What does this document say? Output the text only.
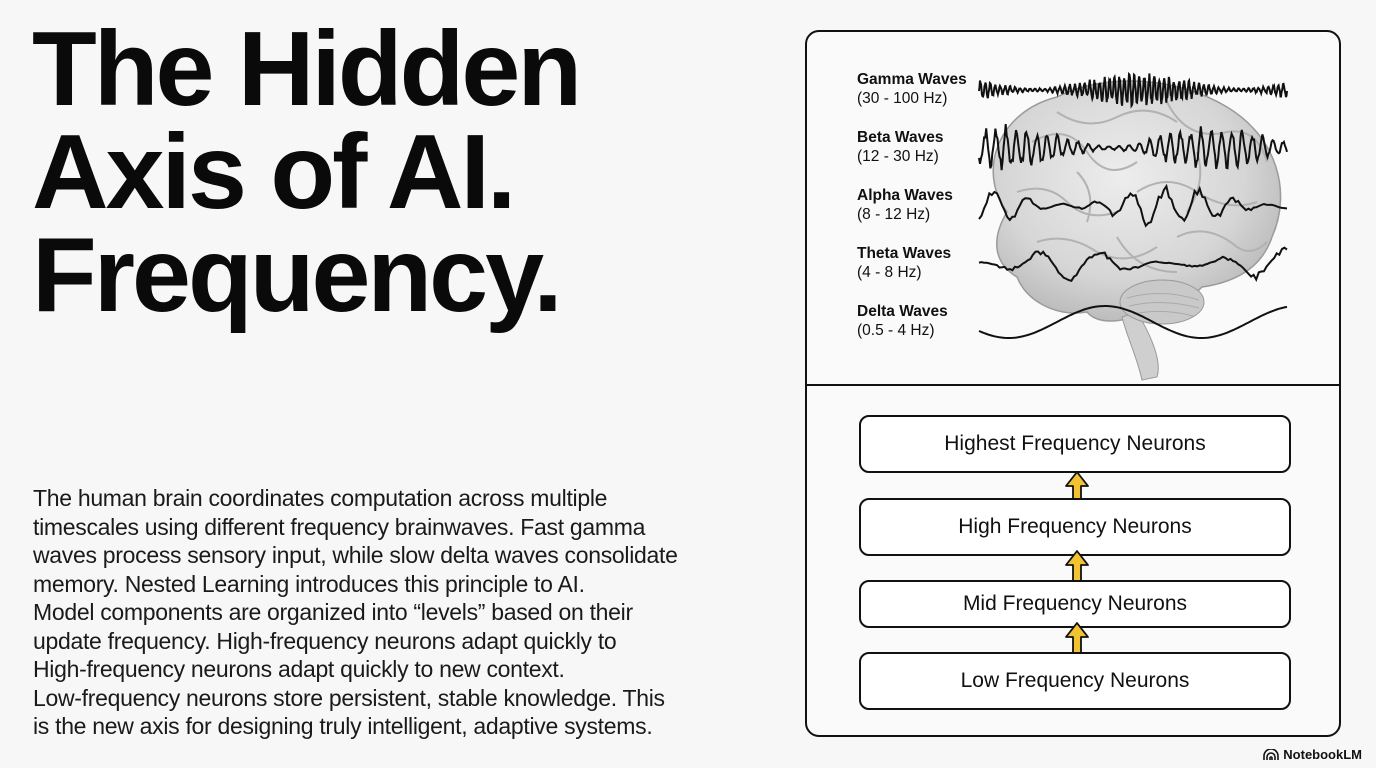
The Hidden
Axis of AI.
Frequency.
The human brain coordinates computation across multiple
timescales using different frequency brainwaves. Fast gamma
waves process sensory input, while slow delta waves consolidate
memory. Nested Learning introduces this principle to AI.
Model components are organized into “levels” based on their
update frequency. High-frequency neurons adapt quickly to
High-frequency neurons adapt quickly to new context.
Low-frequency neurons store persistent, stable knowledge. This
is the new axis for designing truly intelligent, adaptive systems.
Gamma Waves
(30 - 100 Hz)
Beta Waves
(12 - 30 Hz)
Alpha Waves
(8 - 12 Hz)
Theta Waves
(4 - 8 Hz)
Delta Waves
(0.5 - 4 Hz)
Highest Frequency Neurons
High Frequency Neurons
Mid Frequency Neurons
Low Frequency Neurons
NotebookLM
